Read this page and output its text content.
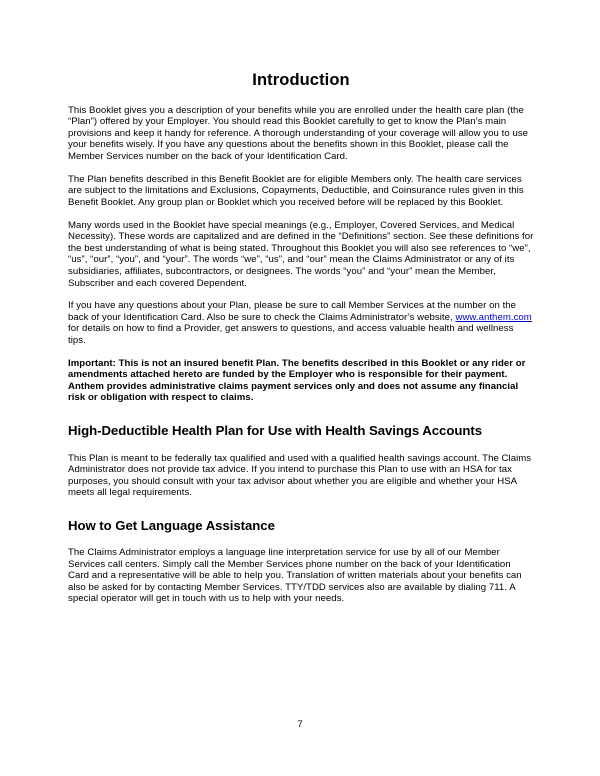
Introduction

This Booklet gives you a description of your benefits while you are enrolled under the health care plan (the “Plan”) offered by your Employer. You should read this Booklet carefully to get to know the Plan’s main provisions and keep it handy for reference. A thorough understanding of your coverage will allow you to use your benefits wisely. If you have any questions about the benefits shown in this Booklet, please call the Member Services number on the back of your Identification Card.

The Plan benefits described in this Benefit Booklet are for eligible Members only. The health care services are subject to the limitations and Exclusions, Copayments, Deductible, and Coinsurance rules given in this Benefit Booklet. Any group plan or Booklet which you received before will be replaced by this Booklet.

Many words used in the Booklet have special meanings (e.g., Employer, Covered Services, and Medical Necessity). These words are capitalized and are defined in the “Definitions” section. See these definitions for the best understanding of what is being stated. Throughout this Booklet you will also see references to “we”, “us”, “our”, “you”, and “your”. The words “we”, “us”, and “our” mean the Claims Administrator or any of its subsidiaries, affiliates, subcontractors, or designees. The words “you” and “your” mean the Member, Subscriber and each covered Dependent.

If you have any questions about your Plan, please be sure to call Member Services at the number on the back of your Identification Card. Also be sure to check the Claims Administrator’s website, www.anthem.com for details on how to find a Provider, get answers to questions, and access valuable health and wellness tips.

Important: This is not an insured benefit Plan. The benefits described in this Booklet or any rider or amendments attached hereto are funded by the Employer who is responsible for their payment. Anthem provides administrative claims payment services only and does not assume any financial risk or obligation with respect to claims.

High-Deductible Health Plan for Use with Health Savings Accounts

This Plan is meant to be federally tax qualified and used with a qualified health savings account. The Claims Administrator does not provide tax advice. If you intend to purchase this Plan to use with an HSA for tax purposes, you should consult with your tax advisor about whether you are eligible and whether your HSA meets all legal requirements.

How to Get Language Assistance

The Claims Administrator employs a language line interpretation service for use by all of our Member Services call centers. Simply call the Member Services phone number on the back of your Identification Card and a representative will be able to help you. Translation of written materials about your benefits can also be asked for by contacting Member Services. TTY/TDD services also are available by dialing 711. A special operator will get in touch with us to help with your needs.

7
